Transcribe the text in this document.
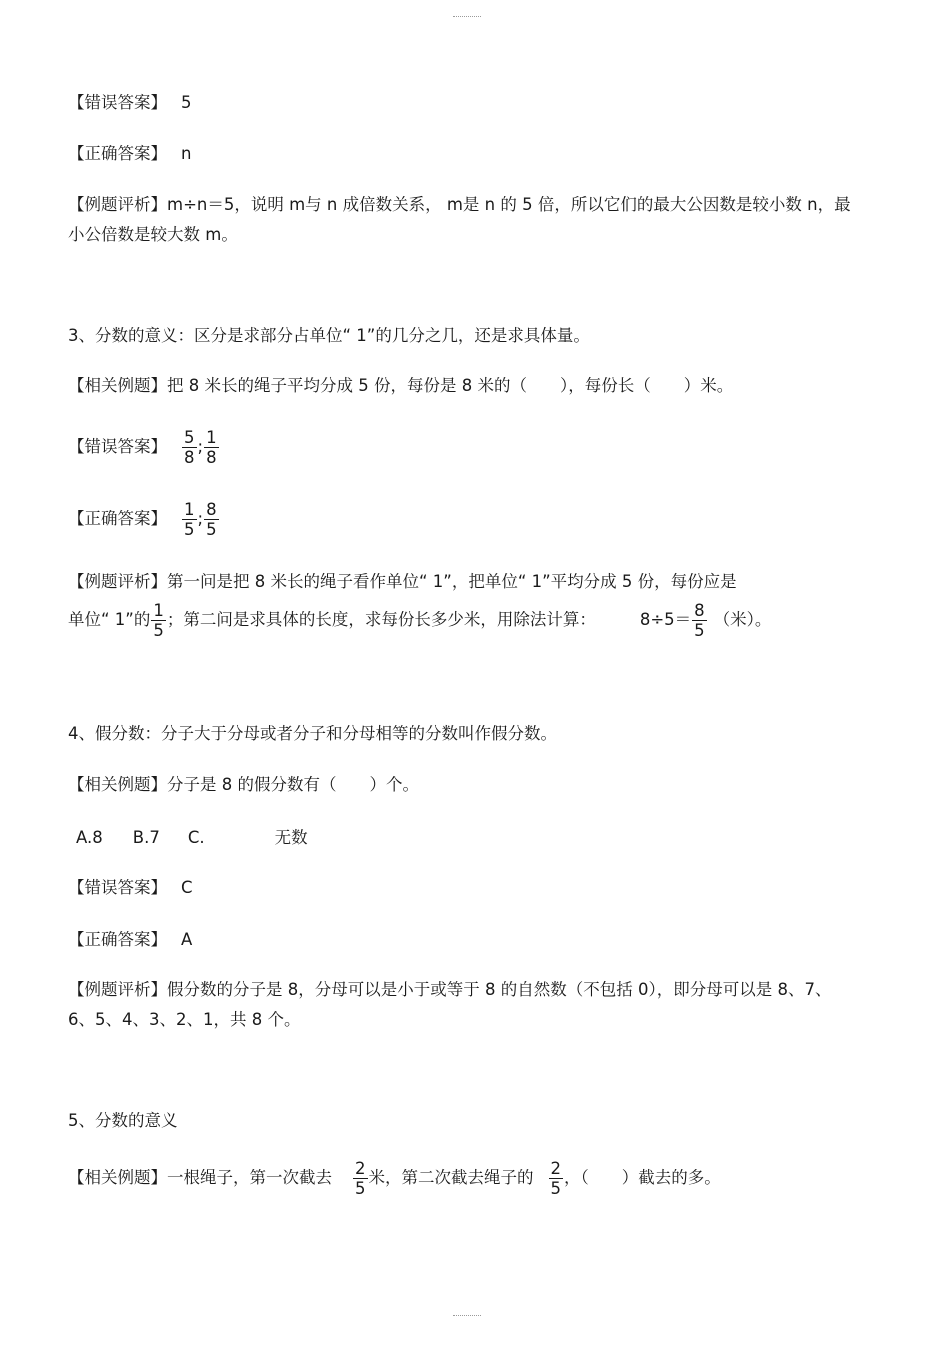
【错误答案】 5
【正确答案】 n
【例题评析】m÷n＝5，说明 m与 n 成倍数关系， m是 n 的 5 倍，所以它们的最大公因数是较小数 n，最小公倍数是较大数 m。
3、分数的意义：区分是求部分占单位“ 1”的几分之几，还是求具体量。
【相关例题】把 8 米长的绳子平均分成 5 份，每份是 8 米的（　　），每份长（　　）米。
【错误答案】 $\frac{5}{8}$ ; $\frac{1}{8}$
【正确答案】 $\frac{1}{5}$ ; $\frac{8}{5}$
【例题评析】第一问是把 8 米长的绳子看作单位“ 1”，把单位“ 1”平均分成 5 份，每份应是
单位“ 1”的 $\frac{1}{5}$ ；第二问是求具体的长度，求每份长多少米，用除法计算：	$8\div 5= \frac{8}{5}$ （米）。
4、假分数：分子大于分母或者分子和分母相等的分数叫作假分数。
【相关例题】分子是 8 的假分数有（　　）个。
A.8 B.7 C.	无数
【错误答案】 C
【正确答案】 A
【例题评析】假分数的分子是 8，分母可以是小于或等于 8 的自然数（不包括 0），即分母可以是 8、7、6、5、4、3、2、1，共 8 个。
5、分数的意义
【相关例题】一根绳子，第一次截去 $\frac{2}{5}$ 米，第二次截去绳子的 $\frac{2}{5}$ ，（　　）截去的多。
